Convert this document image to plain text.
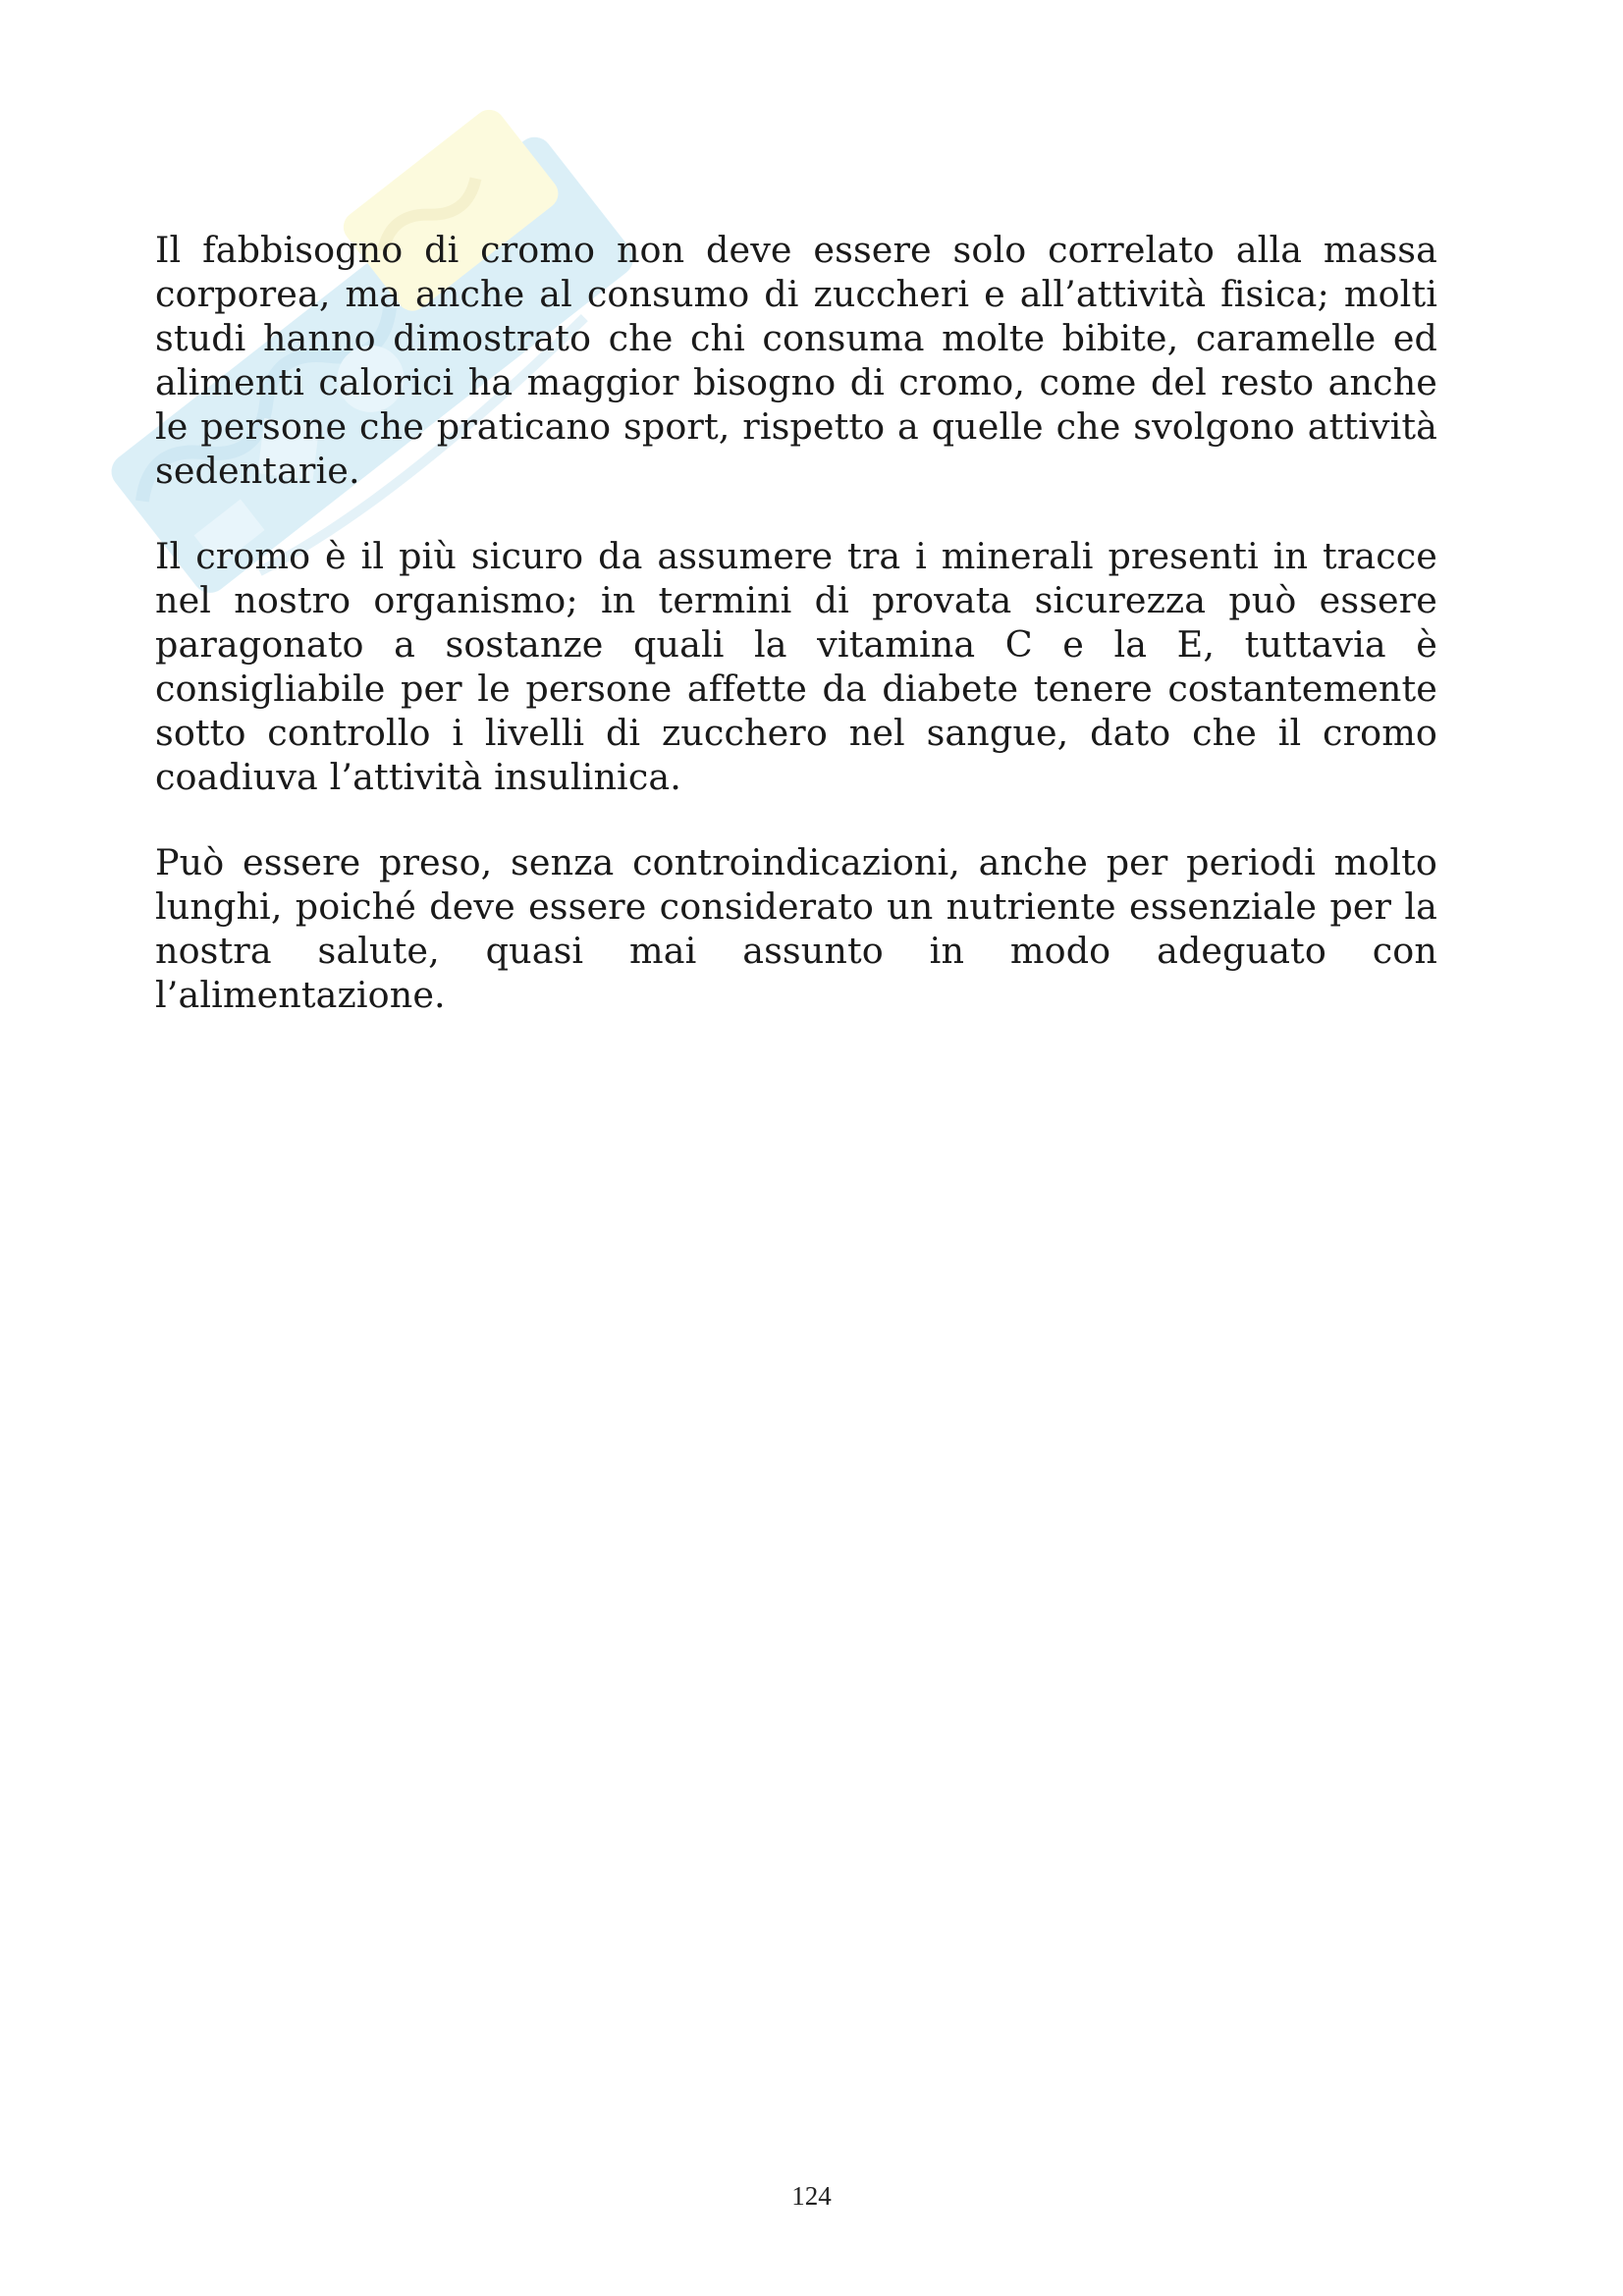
Il fabbisogno di cromo non deve essere solo correlato alla massa corporea, ma anche al consumo di zuccheri e all’attività fisica; molti studi hanno dimostrato che chi consuma molte bibite, caramelle ed alimenti calorici ha maggior bisogno di cromo, come del resto anche le persone che praticano sport, rispetto a quelle che svolgono attività sedentarie.

Il cromo è il più sicuro da assumere tra i minerali presenti in tracce nel nostro organismo; in termini di provata sicurezza può essere paragonato a sostanze quali la vitamina C e la E, tuttavia è consigliabile per le persone affette da diabete tenere costantemente sotto controllo i livelli di zucchero nel sangue, dato che il cromo coadiuva l’attività insulinica.

Può essere preso, senza controindicazioni, anche per periodi molto lunghi, poiché deve essere considerato un nutriente essenziale per la nostra salute, quasi mai assunto in modo adeguato con l’alimentazione.

124
